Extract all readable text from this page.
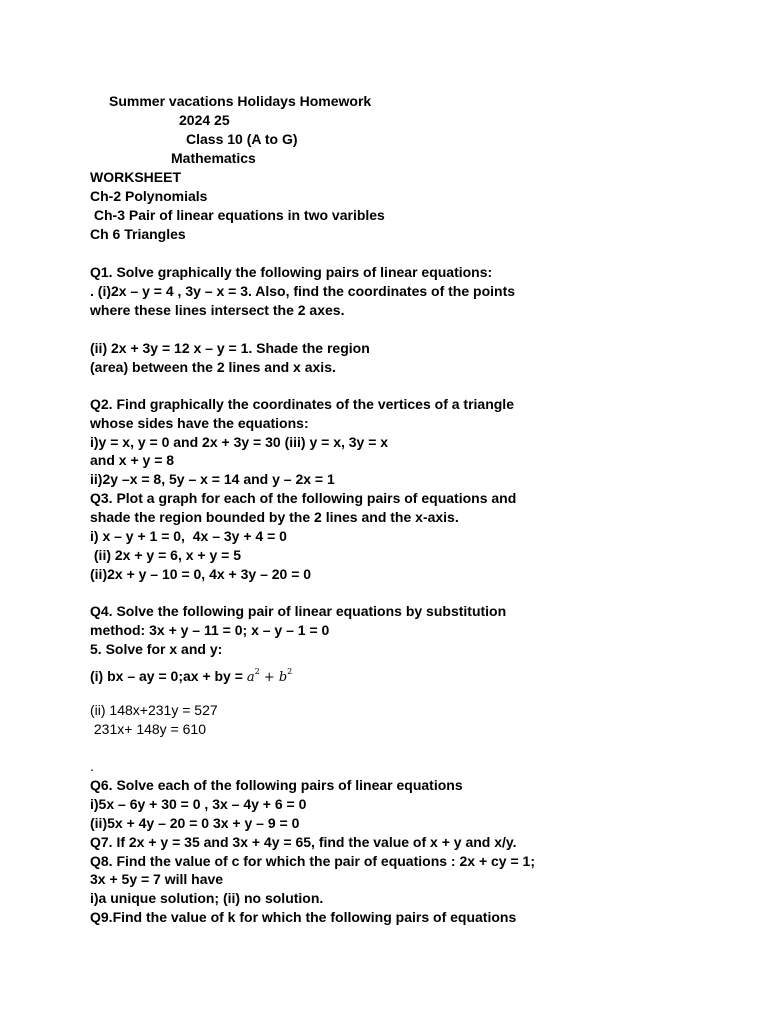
Summer vacations Holidays Homework
2024 25
Class 10 (A to G)
Mathematics
WORKSHEET
Ch-2 Polynomials
Ch-3 Pair of linear equations in two varibles
Ch 6 Triangles
Q1. Solve graphically the following pairs of linear equations:
. (i)2x – y = 4 , 3y – x = 3. Also, find the coordinates of the points
where these lines intersect the 2 axes.
(ii) 2x + 3y = 12 x – y = 1. Shade the region
(area) between the 2 lines and x axis.
Q2. Find graphically the coordinates of the vertices of a triangle
whose sides have the equations:
i)y = x, y = 0 and 2x + 3y = 30 (iii) y = x, 3y = x
and x + y = 8
ii)2y –x = 8, 5y – x = 14 and y – 2x = 1
Q3. Plot a graph for each of the following pairs of equations and
shade the region bounded by the 2 lines and the x-axis.
i) x – y + 1 = 0,  4x – 3y + 4 = 0
(ii) 2x + y = 6, x + y = 5
(ii)2x + y – 10 = 0, 4x + 3y – 20 = 0
Q4. Solve the following pair of linear equations by substitution
method: 3x + y – 11 = 0; x – y – 1 = 0
5. Solve for x and y:
(i) bx – ay = 0;ax + by = $a^2 + b^2$
(ii) 148x+231y = 527
231x+ 148y = 610
.
Q6. Solve each of the following pairs of linear equations
i)5x – 6y + 30 = 0 , 3x – 4y + 6 = 0
(ii)5x + 4y – 20 = 0 3x + y – 9 = 0
Q7. If 2x + y = 35 and 3x + 4y = 65, find the value of x + y and x/y.
Q8. Find the value of c for which the pair of equations : 2x + cy = 1;
3x + 5y = 7 will have
i)a unique solution; (ii) no solution.
Q9.Find the value of k for which the following pairs of equations
